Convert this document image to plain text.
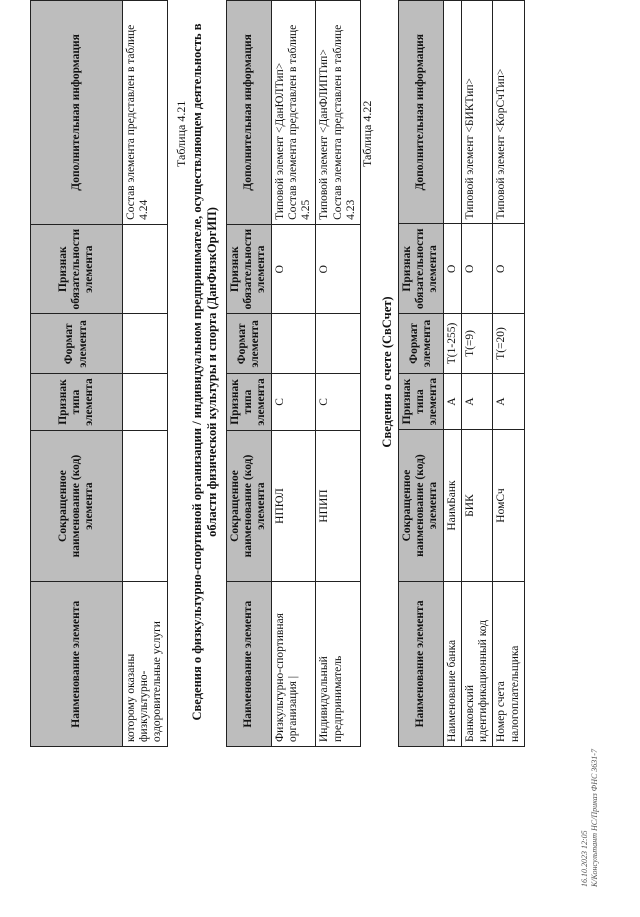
Наименование элемента	Сокращенное наименование (код) элемента	Признак типа элемента	Формат элемента	Признак обязательности элемента	Дополнительная информация
которому оказаны физкультурно-оздоровительные услуги					Состав элемента представлен в таблице 4.24
Таблица 4.21 Сведения о физкультурно-спортивной организации / индивидуальном предпринимателе, осуществляющем деятельность в области физической культуры и спорта (ДанФизкОргИП)
Наименование элемента	Сокращенное наименование (код) элемента	Признак типа элемента	Формат элемента	Признак обязательности элемента	Дополнительная информация
Физкультурно-спортивная организация |	НПЮЛ	С		О	Типовой элемент <ДанЮЛТип>
Состав элемента представлен в таблице 4.25
Индивидуальный предприниматель	НПИП	С		О	Типовой элемент <ДанФЛИПТип>
Состав элемента представлен в таблице 4.23
Таблица 4.22
Сведения о счете (СвСчет)
Наименование элемента	Сокращенное наименование (код) элемента	Признак типа элемента	Формат элемента	Признак обязательности элемента	Дополнительная информация
Наименование банка	НаимБанк	А	T(1-255)	О	
Банковский идентификационный код	БИК	А	T(=9)	О	Типовой элемент <БИКТип>
Номер счета налогоплательщика	НомСч	А	T(=20)	О	Типовой элемент <КорСчТип>
16.10.2023 12:05 К/Консультант НС/Приказ ФНС 3631-7
